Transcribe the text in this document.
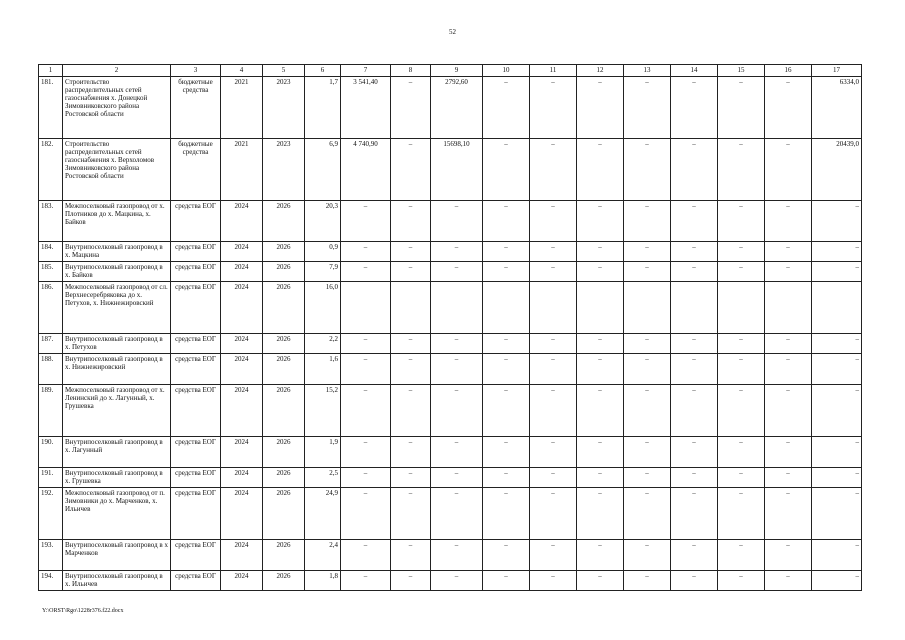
52
1	2	3	4	5	6	7	8	9	10	11	12	13	14	15	16	17
181.	Строительство распределительных сетей газоснабжения х. Донецкой Зимовниковского района Ростовской области	бюджетные средства	2021	2023	1,7	3 541,40	–	2792,60	–	–	–	–	–	–	–	6334,0
182.	Строительство распределительных сетей газоснабжения х. Верхоломов Зимовниковского района Ростовской области	бюджетные средства	2021	2023	6,9	4 740,90	–	15698,10	–	–	–	–	–	–	–	20439,0
183.	Межпоселковый газопровод от х. Плотников до х. Мацкина, х. Байков	средства ЕОГ	2024	2026	20,3	–	–	–	–	–	–	–	–	–	–	–
184.	Внутрипоселковый газопровод в х. Мацкина	средства ЕОГ	2024	2026	0,9	–	–	–	–	–	–	–	–	–	–	–
185.	Внутрипоселковый газопровод в х. Байков	средства ЕОГ	2024	2026	7,9	–	–	–	–	–	–	–	–	–	–	–
186.	Межпоселковый газопровод от сл. Верхнесеребряковка до х. Петухов, х. Нижнежировский	средства ЕОГ	2024	2026	16,0											
187.	Внутрипоселковый газопровод в х. Петухов	средства ЕОГ	2024	2026	2,2	–	–	–	–	–	–	–	–	–	–	–
188.	Внутрипоселковый газопровод в х. Нижнежировский	средства ЕОГ	2024	2026	1,6	–	–	–	–	–	–	–	–	–	–	–
189.	Межпоселковый газопровод от х. Ленинский до х. Лагунный, х. Грушевка	средства ЕОГ	2024	2026	15,2	–	–	–	–	–	–	–	–	–	–	–
190.	Внутрипоселковый газопровод в х. Лагунный	средства ЕОГ	2024	2026	1,9	–	–	–	–	–	–	–	–	–	–	–
191.	Внутрипоселковый газопровод в х. Грушевка	средства ЕОГ	2024	2026	2,5	–	–	–	–	–	–	–	–	–	–	–
192.	Межпоселковый газопровод от п. Зимовники до х. Марченков, х. Ильичев	средства ЕОГ	2024	2026	24,9	–	–	–	–	–	–	–	–	–	–	–
193.	Внутрипоселковый газопровод в х Марченков	средства ЕОГ	2024	2026	2,4	–	–	–	–	–	–	–	–	–	–	–
194.	Внутрипоселковый газопровод в х. Ильичев	средства ЕОГ	2024	2026	1,8	–	–	–	–	–	–	–	–	–	–	–
Y:\ORST\Rgo\1228r376.f22.docx
